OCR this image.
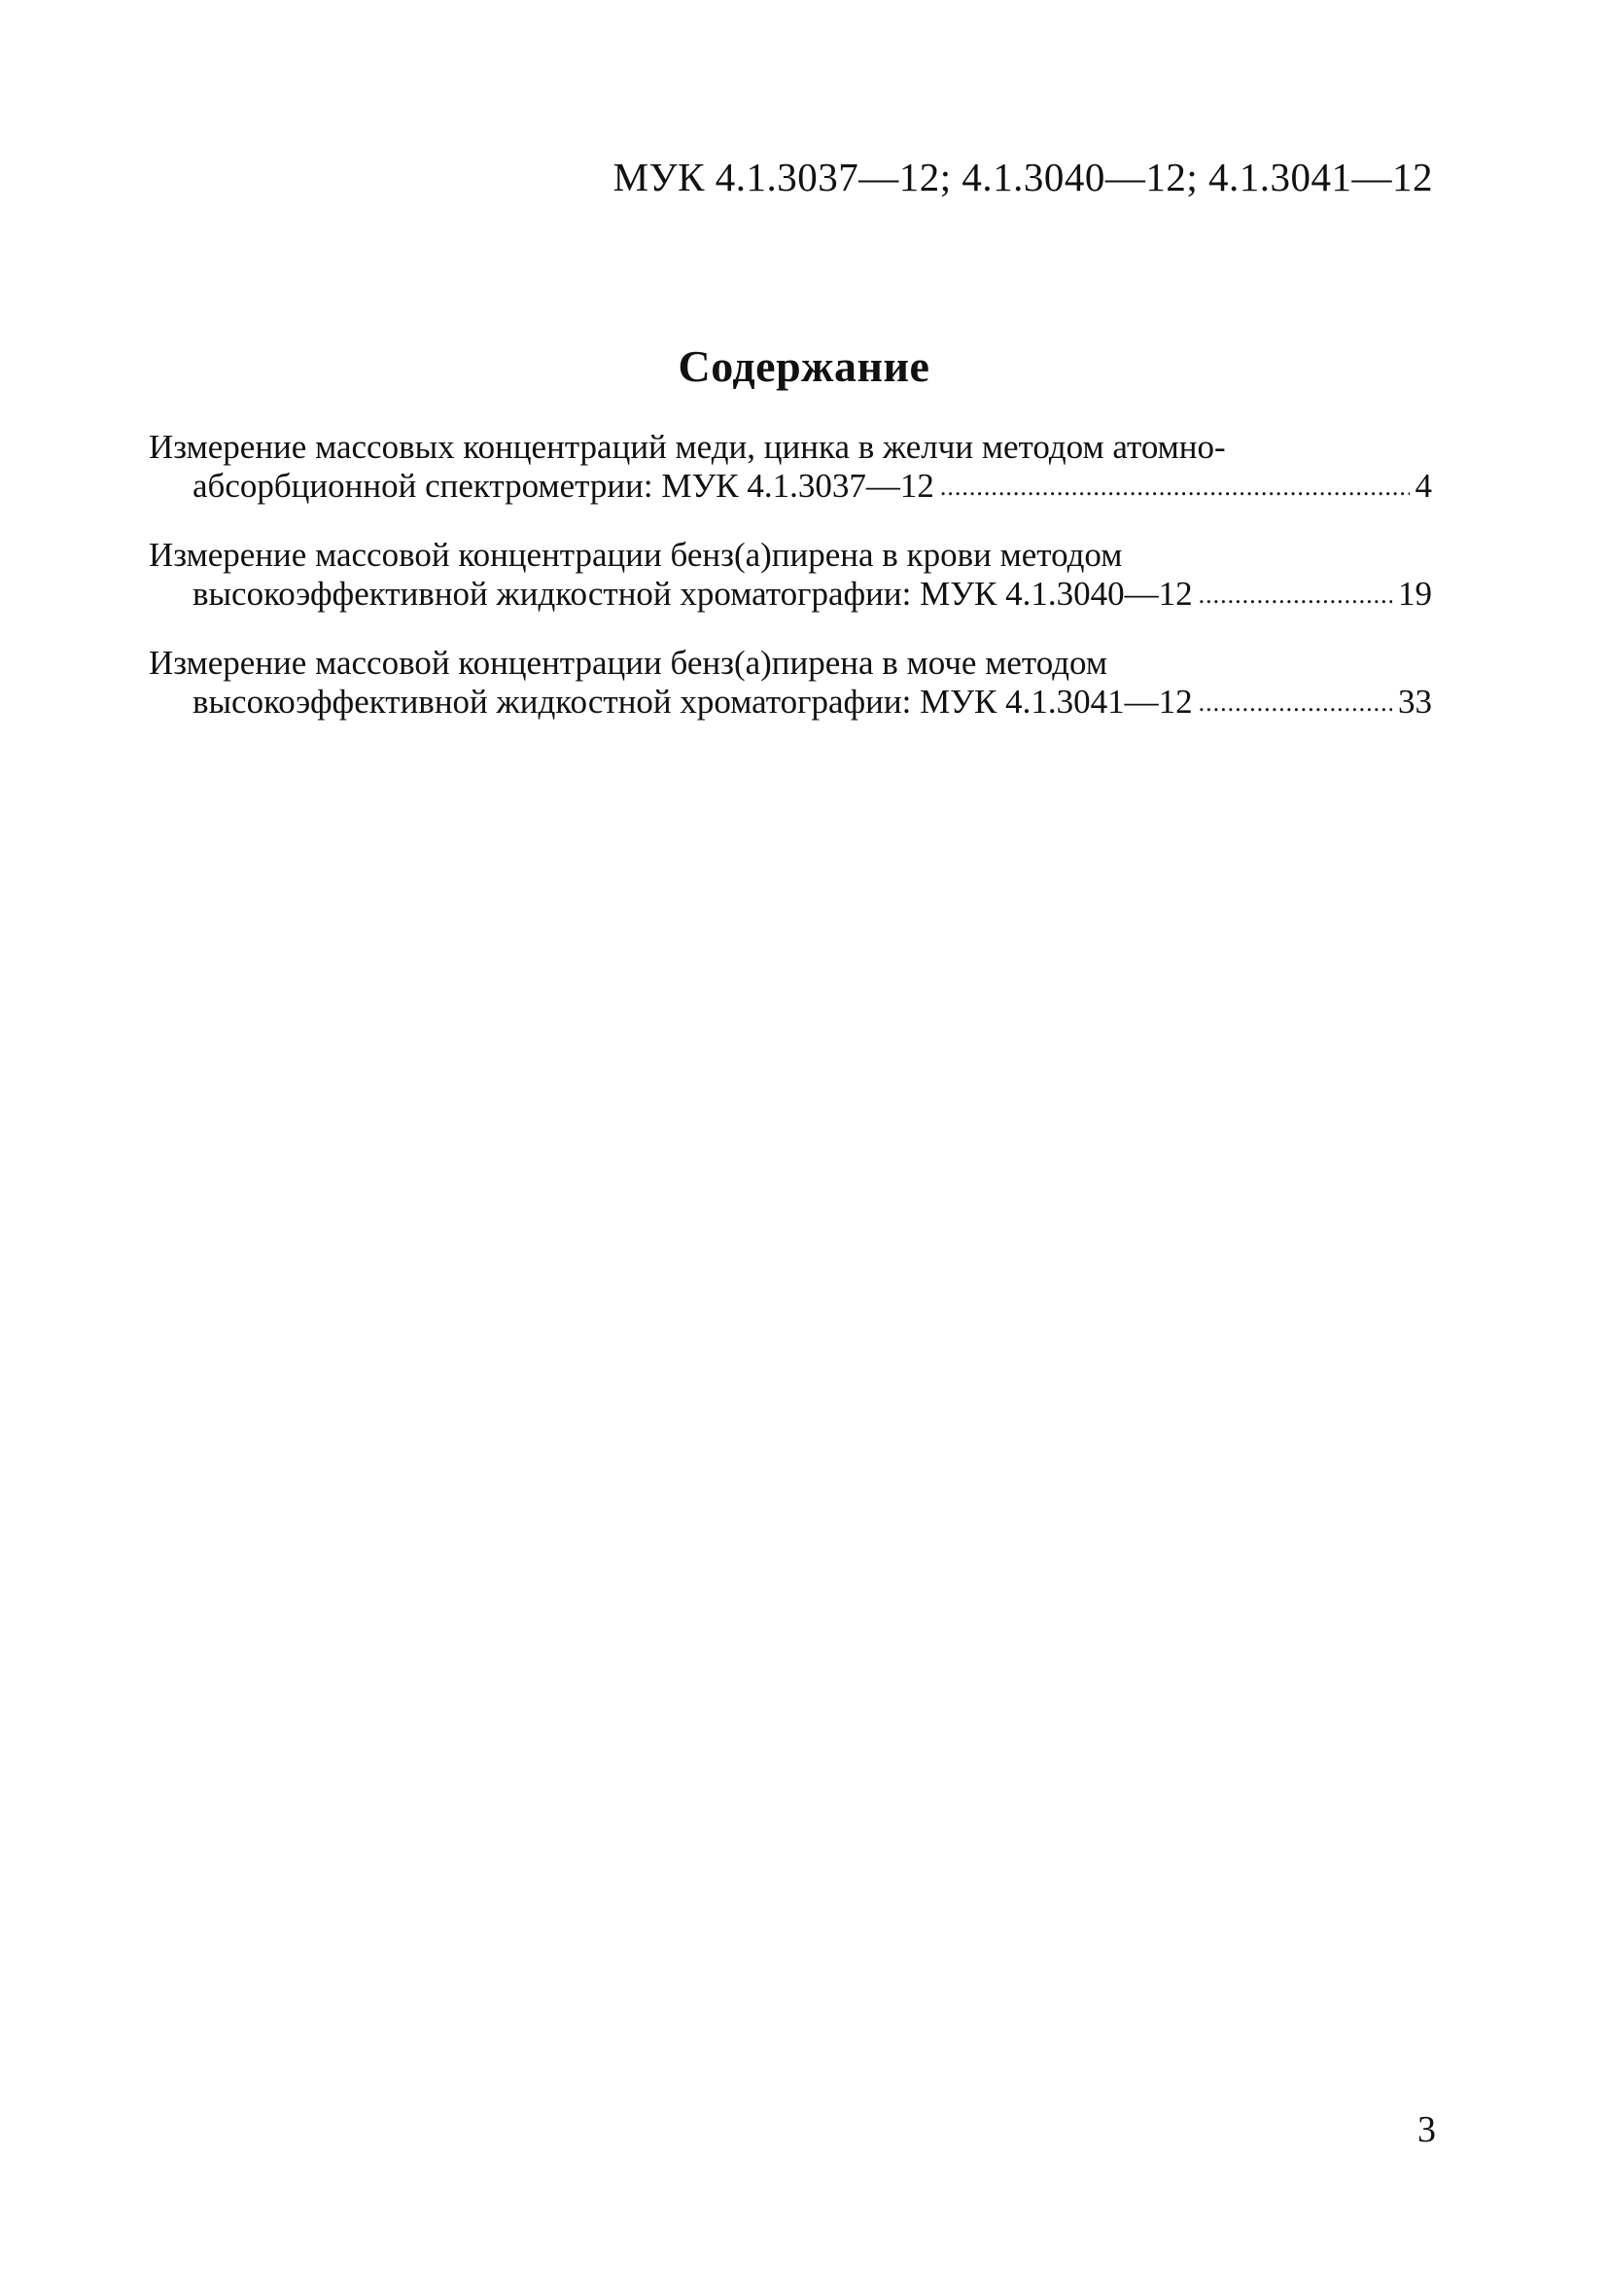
МУК 4.1.3037—12; 4.1.3040—12; 4.1.3041—12
Содержание
Измерение массовых концентраций меди, цинка в желчи методом атомно-
абсорбционной спектрометрии: МУК 4.1.3037—12 .....	4
Измерение массовой концентрации бенз(а)пирена в крови методом
высокоэффективной жидкостной хроматографии: МУК 4.1.3040—12 .....	19
Измерение массовой концентрации бенз(а)пирена в моче методом
высокоэффективной жидкостной хроматографии: МУК 4.1.3041—12 .....	33
3
